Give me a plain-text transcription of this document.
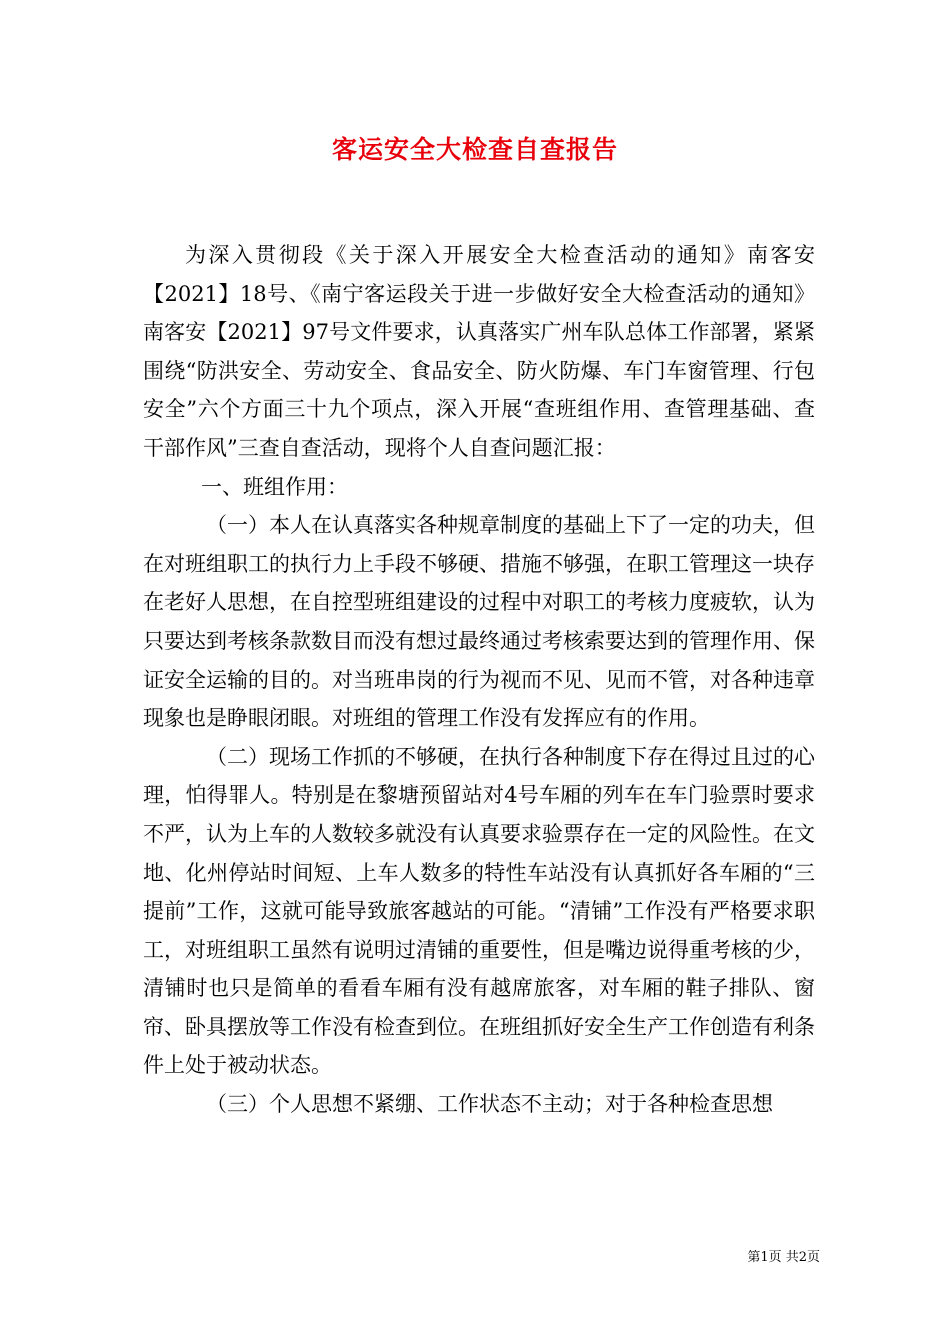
客运安全大检查自查报告

为深入贯彻段《关于深入开展安全大检查活动的通知》南客安【2021】18号、《南宁客运段关于进一步做好安全大检查活动的通知》南客安【2021】97号文件要求，认真落实广州车队总体工作部署，紧紧围绕“防洪安全、劳动安全、食品安全、防火防爆、车门车窗管理、行包安全”六个方面三十九个项点，深入开展“查班组作用、查管理基础、查干部作风”三查自查活动，现将个人自查问题汇报：

一、班组作用：

（一）本人在认真落实各种规章制度的基础上下了一定的功夫，但在对班组职工的执行力上手段不够硬、措施不够强，在职工管理这一块存在老好人思想，在自控型班组建设的过程中对职工的考核力度疲软，认为只要达到考核条款数目而没有想过最终通过考核索要达到的管理作用、保证安全运输的目的。对当班串岗的行为视而不见、见而不管，对各种违章现象也是睁眼闭眼。对班组的管理工作没有发挥应有的作用。

（二）现场工作抓的不够硬，在执行各种制度下存在得过且过的心理，怕得罪人。特别是在黎塘预留站对4号车厢的列车在车门验票时要求不严，认为上车的人数较多就没有认真要求验票存在一定的风险性。在文地、化州停站时间短、上车人数多的特性车站没有认真抓好各车厢的“三提前”工作，这就可能导致旅客越站的可能。“清铺”工作没有严格要求职工，对班组职工虽然有说明过清铺的重要性，但是嘴边说得重考核的少，清铺时也只是简单的看看车厢有没有越席旅客，对车厢的鞋子排队、窗帘、卧具摆放等工作没有检查到位。在班组抓好安全生产工作创造有利条件上处于被动状态。

（三）个人思想不紧绷、工作状态不主动；对于各种检查思想

第1页 共2页
